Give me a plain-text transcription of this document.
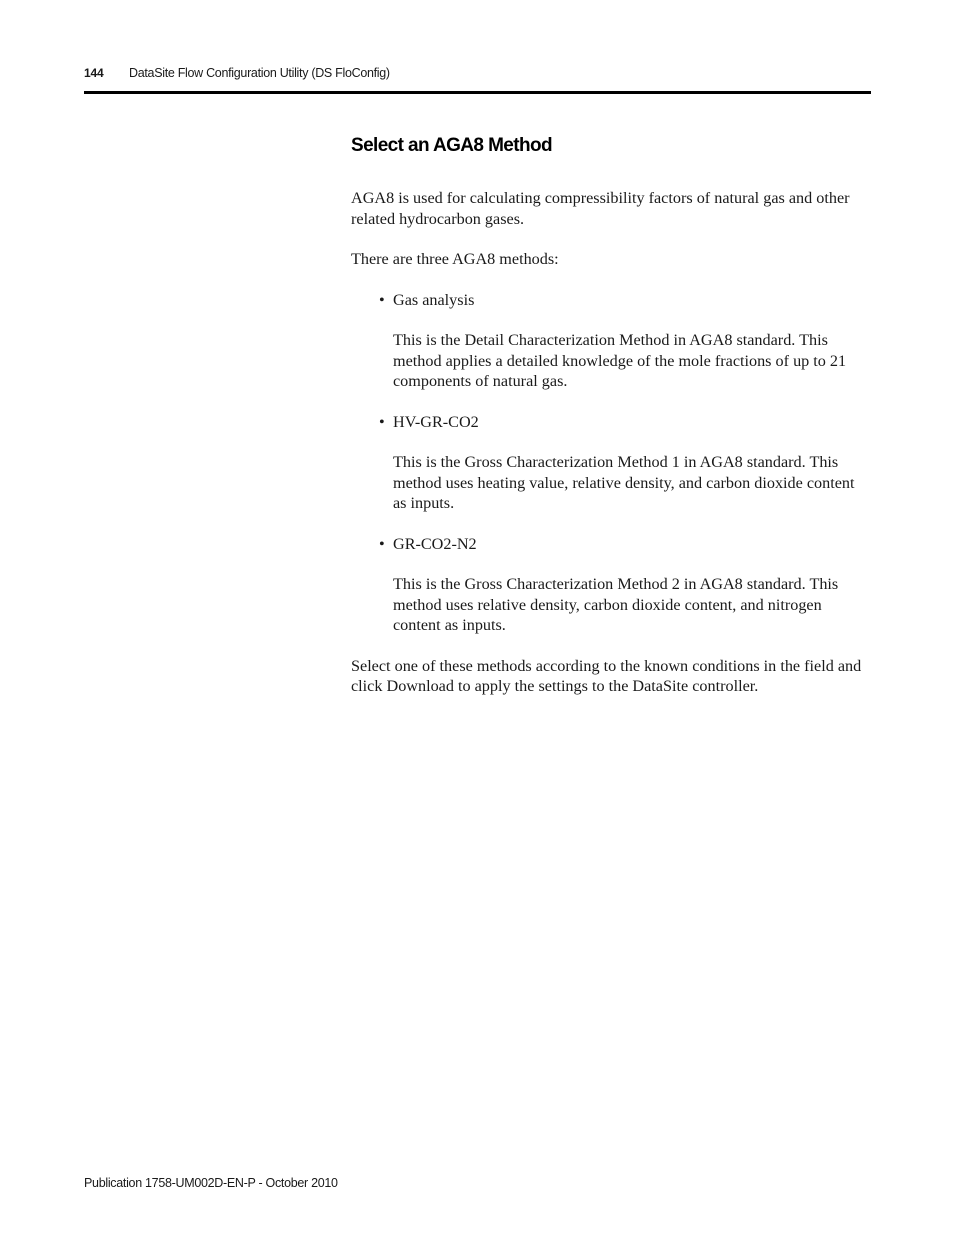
144 DataSite Flow Configuration Utility (DS FloConfig)
Select an AGA8 Method

AGA8 is used for calculating compressibility factors of natural gas and other related hydrocarbon gases.

There are three AGA8 methods:

• Gas analysis
This is the Detail Characterization Method in AGA8 standard. This method applies a detailed knowledge of the mole fractions of up to 21 components of natural gas.
• HV-GR-CO2
This is the Gross Characterization Method 1 in AGA8 standard. This method uses heating value, relative density, and carbon dioxide content as inputs.
• GR-CO2-N2
This is the Gross Characterization Method 2 in AGA8 standard. This method uses relative density, carbon dioxide content, and nitrogen content as inputs.

Select one of these methods according to the known conditions in the field and click Download to apply the settings to the DataSite controller.

Publication 1758-UM002D-EN-P - October 2010
